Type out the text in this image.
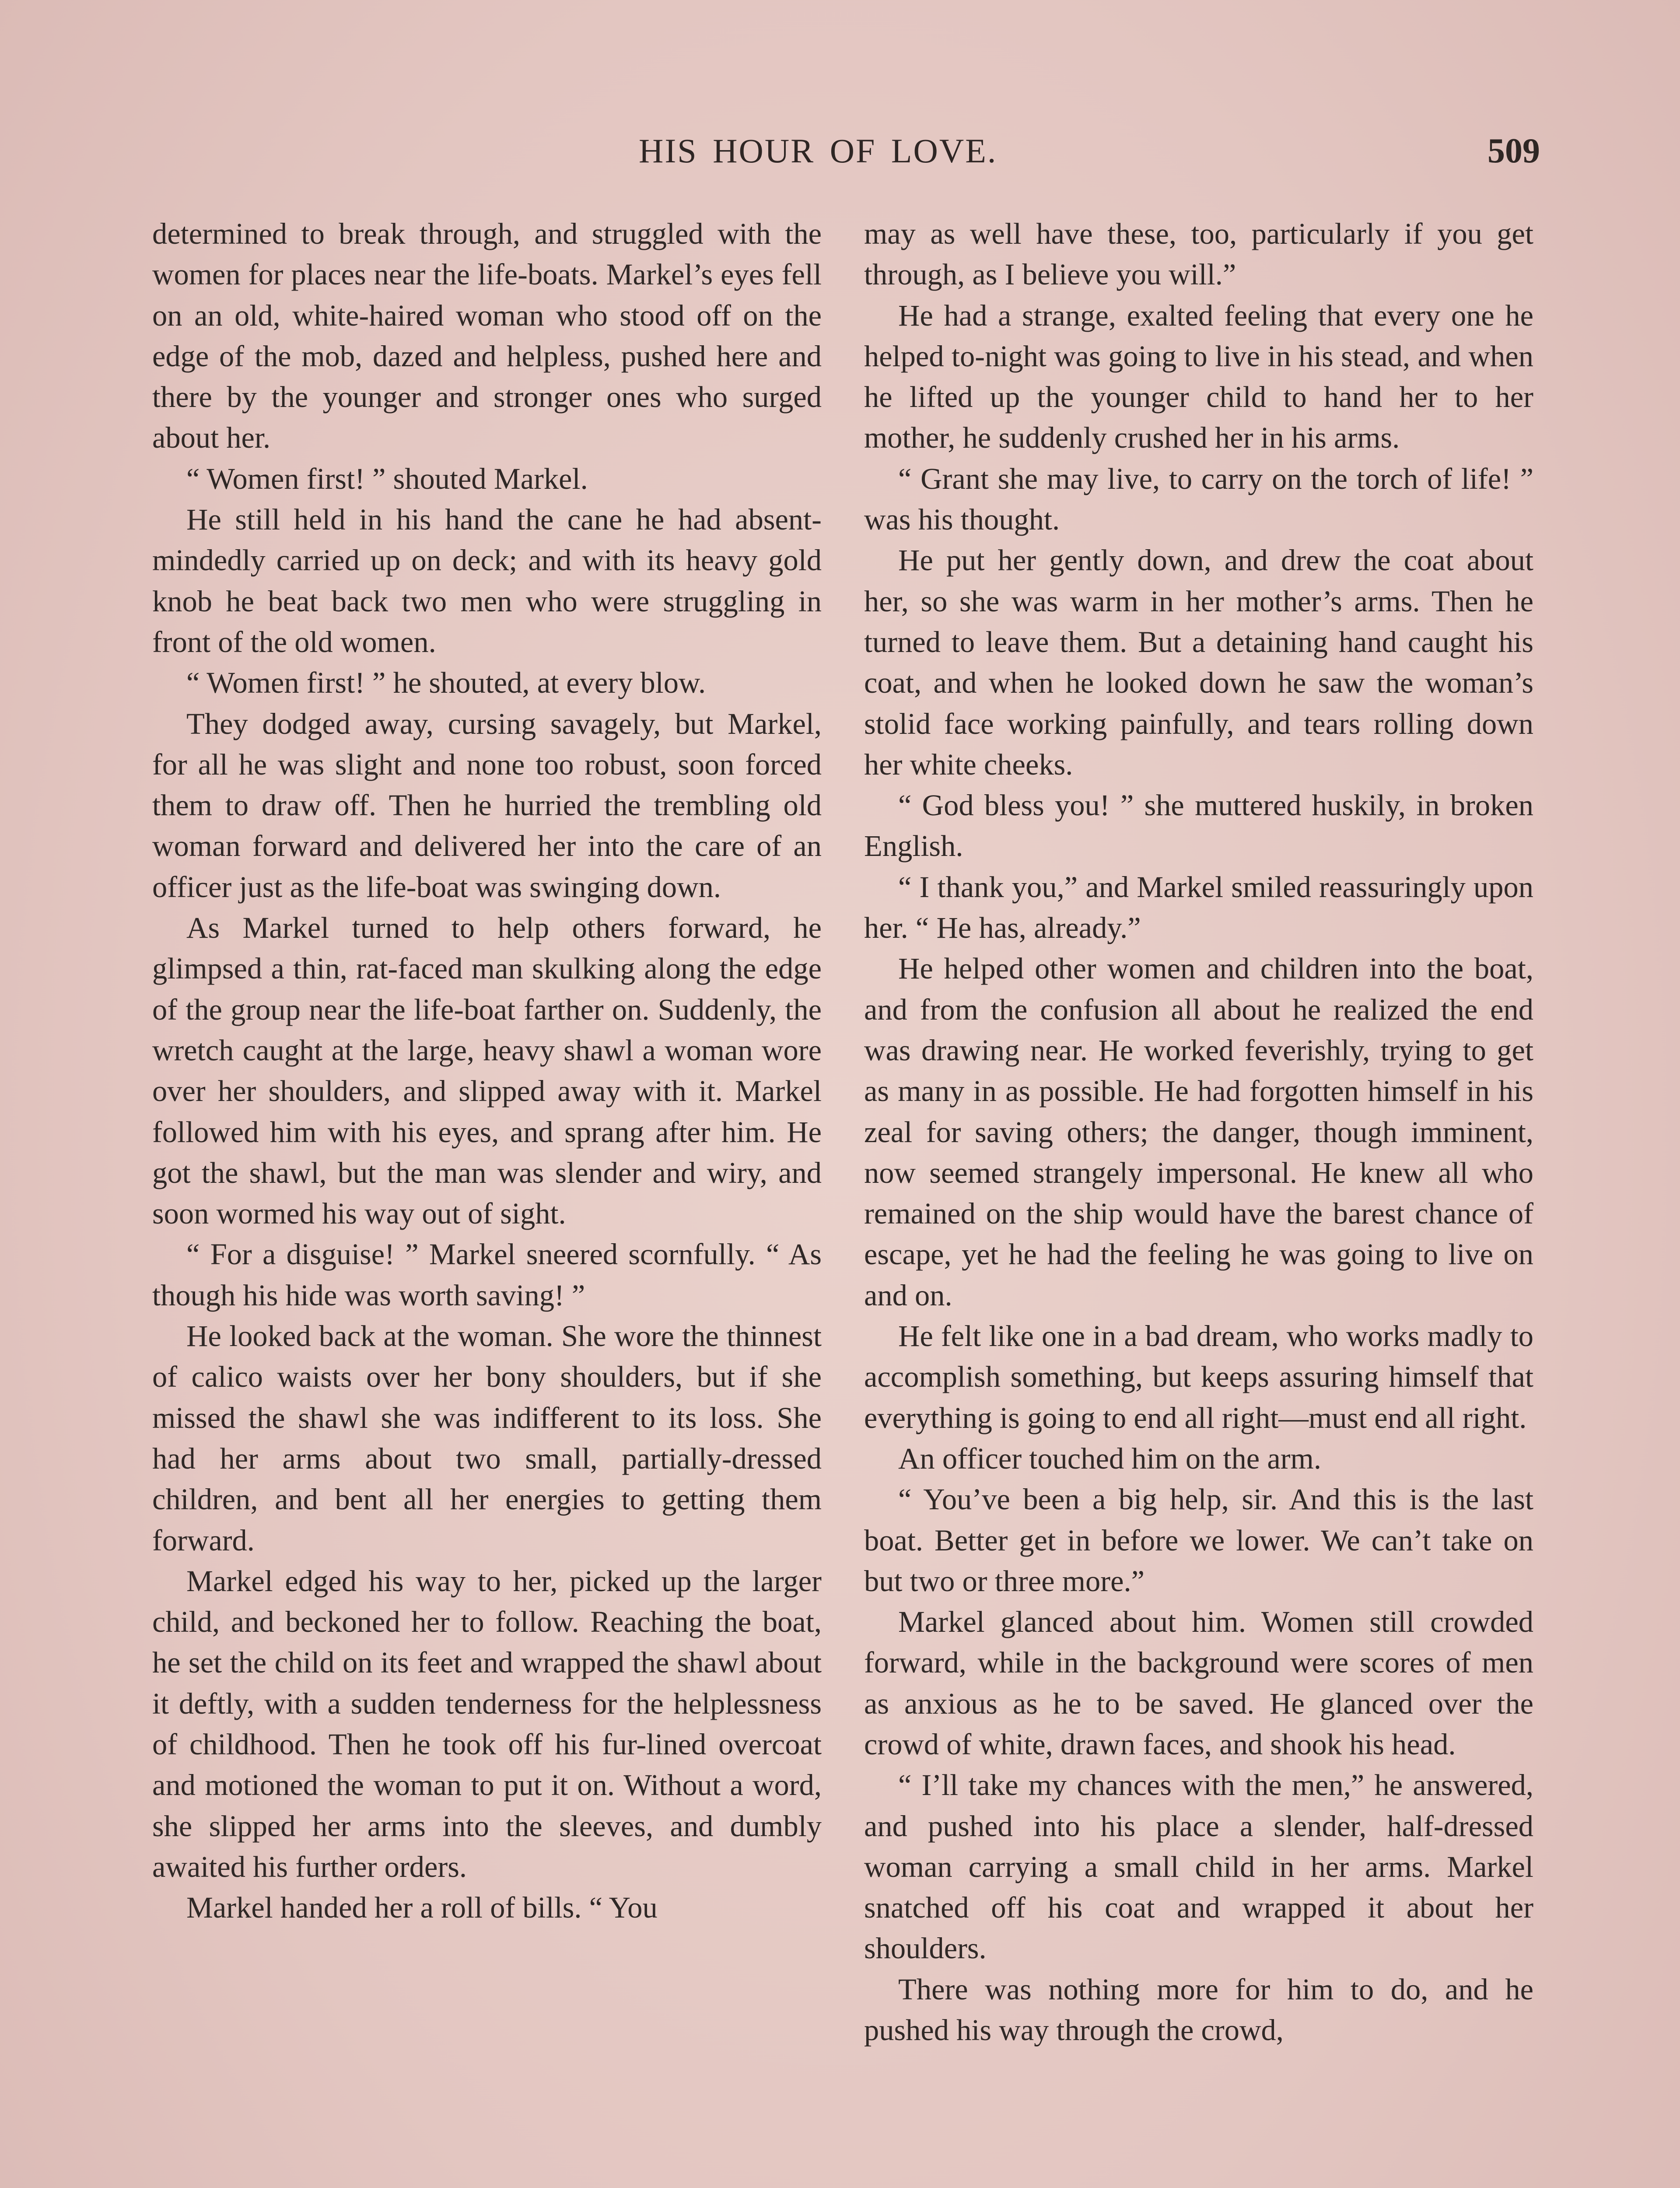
HIS HOUR OF LOVE.	509

determined to break through, and struggled with the women for places near the life-boats. Markel’s eyes fell on an old, white-haired woman who stood off on the edge of the mob, dazed and helpless, pushed here and there by the younger and stronger ones who surged about her.

“ Women first! ” shouted Markel.

He still held in his hand the cane he had absent-mindedly carried up on deck; and with its heavy gold knob he beat back two men who were struggling in front of the old women.

“ Women first! ” he shouted, at every blow.

They dodged away, cursing savagely, but Markel, for all he was slight and none too robust, soon forced them to draw off. Then he hurried the trembling old woman forward and delivered her into the care of an officer just as the life-boat was swinging down.

As Markel turned to help others forward, he glimpsed a thin, rat-faced man skulking along the edge of the group near the life-boat farther on. Suddenly, the wretch caught at the large, heavy shawl a woman wore over her shoulders, and slipped away with it. Markel followed him with his eyes, and sprang after him. He got the shawl, but the man was slender and wiry, and soon wormed his way out of sight.

“ For a disguise! ” Markel sneered scornfully. “ As though his hide was worth saving! ”

He looked back at the woman. She wore the thinnest of calico waists over her bony shoulders, but if she missed the shawl she was indifferent to its loss. She had her arms about two small, partially-dressed children, and bent all her energies to getting them forward.

Markel edged his way to her, picked up the larger child, and beckoned her to follow. Reaching the boat, he set the child on its feet and wrapped the shawl about it deftly, with a sudden tenderness for the helplessness of childhood. Then he took off his fur-lined overcoat and motioned the woman to put it on. Without a word, she slipped her arms into the sleeves, and dumbly awaited his further orders.

Markel handed her a roll of bills. “ You

may as well have these, too, particularly if you get through, as I believe you will.”

He had a strange, exalted feeling that every one he helped to-night was going to live in his stead, and when he lifted up the younger child to hand her to her mother, he suddenly crushed her in his arms.

“ Grant she may live, to carry on the torch of life! ” was his thought.

He put her gently down, and drew the coat about her, so she was warm in her mother’s arms. Then he turned to leave them. But a detaining hand caught his coat, and when he looked down he saw the woman’s stolid face working painfully, and tears rolling down her white cheeks.

“ God bless you! ” she muttered huskily, in broken English.

“ I thank you,” and Markel smiled reassuringly upon her. “ He has, already.”

He helped other women and children into the boat, and from the confusion all about he realized the end was drawing near. He worked feverishly, trying to get as many in as possible. He had forgotten himself in his zeal for saving others; the danger, though imminent, now seemed strangely impersonal. He knew all who remained on the ship would have the barest chance of escape, yet he had the feeling he was going to live on and on.

He felt like one in a bad dream, who works madly to accomplish something, but keeps assuring himself that everything is going to end all right—must end all right.

An officer touched him on the arm.

“ You’ve been a big help, sir. And this is the last boat. Better get in before we lower. We can’t take on but two or three more.”

Markel glanced about him. Women still crowded forward, while in the background were scores of men as anxious as he to be saved. He glanced over the crowd of white, drawn faces, and shook his head.

“ I’ll take my chances with the men,” he answered, and pushed into his place a slender, half-dressed woman carrying a small child in her arms. Markel snatched off his coat and wrapped it about her shoulders.

There was nothing more for him to do, and he pushed his way through the crowd,
